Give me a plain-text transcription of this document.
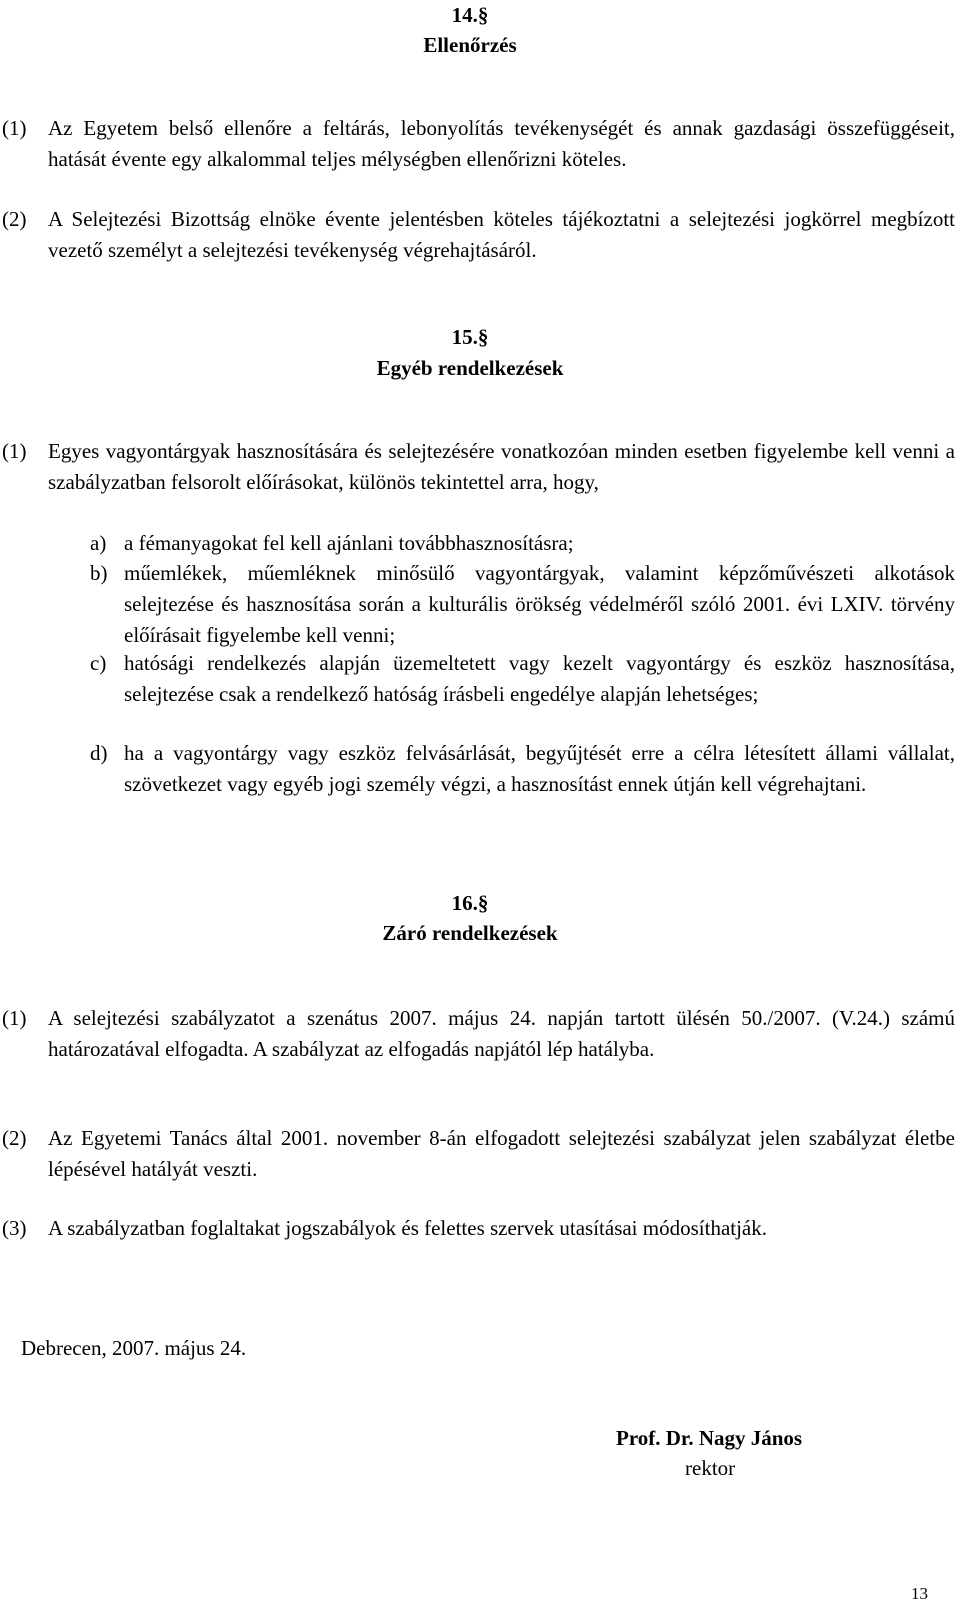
14.§
Ellenőrzés
(1) Az Egyetem belső ellenőre a feltárás, lebonyolítás tevékenységét és annak gazdasági összefüggéseit, hatását évente egy alkalommal teljes mélységben ellenőrizni köteles.
(2) A Selejtezési Bizottság elnöke évente jelentésben köteles tájékoztatni a selejtezési jogkörrel megbízott vezető személyt a selejtezési tevékenység végrehajtásáról.
15.§
Egyéb rendelkezések
(1) Egyes vagyontárgyak hasznosítására és selejtezésére vonatkozóan minden esetben figyelembe kell venni a szabályzatban felsorolt előírásokat, különös tekintettel arra, hogy,
a) a fémanyagokat fel kell ajánlani továbbhasznosításra;
b) műemlékek, műemléknek minősülő vagyontárgyak, valamint képzőművészeti alkotások selejtezése és hasznosítása során a kulturális örökség védelméről szóló 2001. évi LXIV. törvény előírásait figyelembe kell venni;
c) hatósági rendelkezés alapján üzemeltetett vagy kezelt vagyontárgy és eszköz hasznosítása, selejtezése csak a rendelkező hatóság írásbeli engedélye alapján lehetséges;
d) ha a vagyontárgy vagy eszköz felvásárlását, begyűjtését erre a célra létesített állami vállalat, szövetkezet vagy egyéb jogi személy végzi, a hasznosítást ennek útján kell végrehajtani.
16.§
Záró rendelkezések
(1) A selejtezési szabályzatot a szenátus 2007. május 24. napján tartott ülésén 50./2007. (V.24.) számú határozatával elfogadta. A szabályzat az elfogadás napjától lép hatályba.
(2) Az Egyetemi Tanács által 2001. november 8-án elfogadott selejtezési szabályzat jelen szabályzat életbe lépésével hatályát veszti.
(3) A szabályzatban foglaltakat jogszabályok és felettes szervek utasításai módosíthatják.
Debrecen, 2007. május 24.
Prof. Dr. Nagy János
rektor
13
